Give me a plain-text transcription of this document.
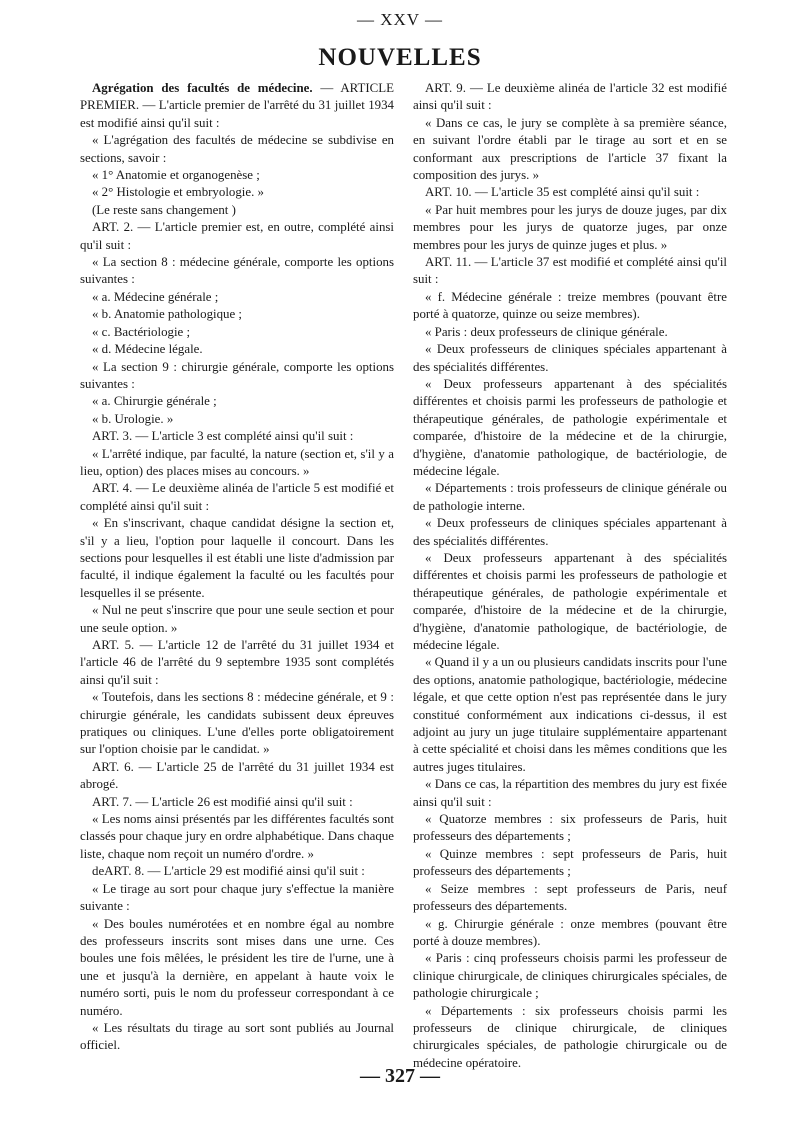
— XXV —
NOUVELLES

Agrégation des facultés de médecine. — ARTICLE PREMIER. — L'article premier de l'arrêté du 31 juillet 1934 est modifié ainsi qu'il suit :

« L'agrégation des facultés de médecine se subdivise en sections, savoir :

« 1° Anatomie et organogenèse ;

« 2° Histologie et embryologie. »

(Le reste sans changement )

ART. 2. — L'article premier est, en outre, complété ainsi qu'il suit :

« La section 8 : médecine générale, comporte les options suivantes :

« a. Médecine générale ;

« b. Anatomie pathologique ;

« c. Bactériologie ;

« d. Médecine légale.

« La section 9 : chirurgie générale, comporte les options suivantes :

« a. Chirurgie générale ;

« b. Urologie. »

ART. 3. — L'article 3 est complété ainsi qu'il suit :

« L'arrêté indique, par faculté, la nature (section et, s'il y a lieu, option) des places mises au concours. »

ART. 4. — Le deuxième alinéa de l'article 5 est modifié et complété ainsi qu'il suit :

« En s'inscrivant, chaque candidat désigne la section et, s'il y a lieu, l'option pour laquelle il concourt. Dans les sections pour lesquelles il est établi une liste d'admission par faculté, il indique également la faculté ou les facultés pour lesquelles il se présente.

« Nul ne peut s'inscrire que pour une seule section et pour une seule option. »

ART. 5. — L'article 12 de l'arrêté du 31 juillet 1934 et l'article 46 de l'arrêté du 9 septembre 1935 sont complétés ainsi qu'il suit :

« Toutefois, dans les sections 8 : médecine générale, et 9 : chirurgie générale, les candidats subissent deux épreuves pratiques ou cliniques. L'une d'elles porte obligatoirement sur l'option choisie par le candidat. »

ART. 6. — L'article 25 de l'arrêté du 31 juillet 1934 est abrogé.

ART. 7. — L'article 26 est modifié ainsi qu'il suit :

« Les noms ainsi présentés par les différentes facultés sont classés pour chaque jury en ordre alphabétique. Dans chaque liste, chaque nom reçoit un numéro d'ordre. »

deART. 8. — L'article 29 est modifié ainsi qu'il suit :

« Le tirage au sort pour chaque jury s'effectue la manière suivante :

« Des boules numérotées et en nombre égal au nombre des professeurs inscrits sont mises dans une urne. Ces boules une fois mêlées, le président les tire de l'urne, une à une et jusqu'à la dernière, en appelant à haute voix le numéro sorti, puis le nom du professeur correspondant à ce numéro.

« Les résultats du tirage au sort sont publiés au Journal officiel.

ART. 9. — Le deuxième alinéa de l'article 32 est modifié ainsi qu'il suit :

« Dans ce cas, le jury se complète à sa première séance, en suivant l'ordre établi par le tirage au sort et en se conformant aux prescriptions de l'article 37 fixant la composition des jurys. »

ART. 10. — L'article 35 est complété ainsi qu'il suit :

« Par huit membres pour les jurys de douze juges, par dix membres pour les jurys de quatorze juges, par onze membres pour les jurys de quinze juges et plus. »

ART. 11. — L'article 37 est modifié et complété ainsi qu'il suit :

« f. Médecine générale : treize membres (pouvant être porté à quatorze, quinze ou seize membres).

« Paris : deux professeurs de clinique générale.

« Deux professeurs de cliniques spéciales appartenant à des spécialités différentes.

« Deux professeurs appartenant à des spécialités différentes et choisis parmi les professeurs de pathologie et thérapeutique générales, de pathologie expérimentale et comparée, d'histoire de la médecine et de la chirurgie, d'hygiène, d'anatomie pathologique, de bactériologie, de médecine légale.

« Départements : trois professeurs de clinique générale ou de pathologie interne.

« Deux professeurs de cliniques spéciales appartenant à des spécialités différentes.

« Deux professeurs appartenant à des spécialités différentes et choisis parmi les professeurs de pathologie et thérapeutique générales, de pathologie expérimentale et comparée, d'histoire de la médecine et de la chirurgie, d'hygiène, d'anatomie pathologique, de bactériologie, de médecine légale.

« Quand il y a un ou plusieurs candidats inscrits pour l'une des options, anatomie pathologique, bactériologie, médecine légale, et que cette option n'est pas représentée dans le jury constitué conformément aux indications ci-dessus, il est adjoint au jury un juge titulaire supplémentaire appartenant à cette spécialité et choisi dans les mêmes conditions que les autres juges titulaires.

« Dans ce cas, la répartition des membres du jury est fixée ainsi qu'il suit :

« Quatorze membres : six professeurs de Paris, huit professeurs des départements ;

« Quinze membres : sept professeurs de Paris, huit professeurs des départements ;

« Seize membres : sept professeurs de Paris, neuf professeurs des départements.

« g. Chirurgie générale : onze membres (pouvant être porté à douze membres).

« Paris : cinq professeurs choisis parmi les professeur de clinique chirurgicale, de cliniques chirurgicales spéciales, de pathologie chirurgicale ;

« Départements : six professeurs choisis parmi les professeurs de clinique chirurgicale, de cliniques chirurgicales spéciales, de pathologie chirurgicale ou de médecine opératoire.

— 327 —
